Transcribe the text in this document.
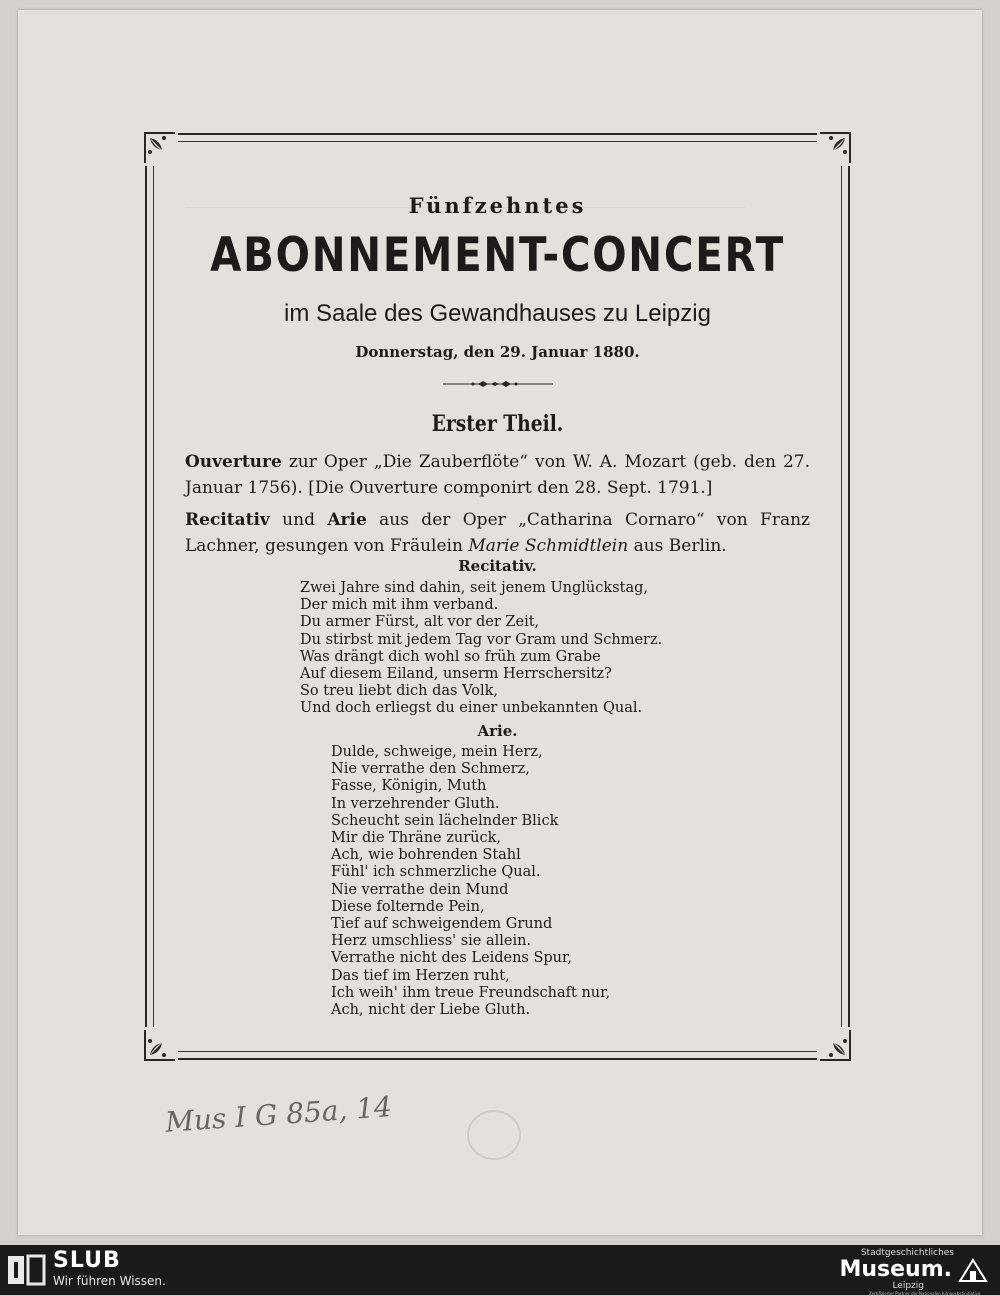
Fünfzehntes
ABONNEMENT-CONCERT
im Saale des Gewandhauses zu Leipzig
Donnerstag, den 29. Januar 1880.
Erster Theil.
Ouverture zur Oper „Die Zauberflöte“ von W. A. Mozart (geb. den 27. Januar 1756). [Die Ouverture componirt den 28. Sept. 1791.]
Recitativ und Arie aus der Oper „Catharina Cornaro“ von Franz Lachner, gesungen von Fräulein Marie Schmidtlein aus Berlin.
Recitativ.
Zwei Jahre sind dahin, seit jenem Unglückstag,
Der mich mit ihm verband.
Du armer Fürst, alt vor der Zeit,
Du stirbst mit jedem Tag vor Gram und Schmerz.
Was drängt dich wohl so früh zum Grabe
Auf diesem Eiland, unserm Herrschersitz?
So treu liebt dich das Volk,
Und doch erliegst du einer unbekannten Qual.
Arie.
Dulde, schweige, mein Herz,
Nie verrathe den Schmerz,
Fasse, Königin, Muth
In verzehrender Gluth.
Scheucht sein lächelnder Blick
Mir die Thräne zurück,
Ach, wie bohrenden Stahl
Fühl' ich schmerzliche Qual.
Nie verrathe dein Mund
Diese folternde Pein,
Tief auf schweigendem Grund
Herz umschliess' sie allein.
Verrathe nicht des Leidens Spur,
Das tief im Herzen ruht,
Ich weih' ihm treue Freundschaft nur,
Ach, nicht der Liebe Gluth.
Mus I G 85a, 14
SLUB
Wir führen Wissen.
Stadtgeschichtliches
Museum.
Leipzig
Zertifizierter Partner der Nationalen Kitnapsbstinitiative
